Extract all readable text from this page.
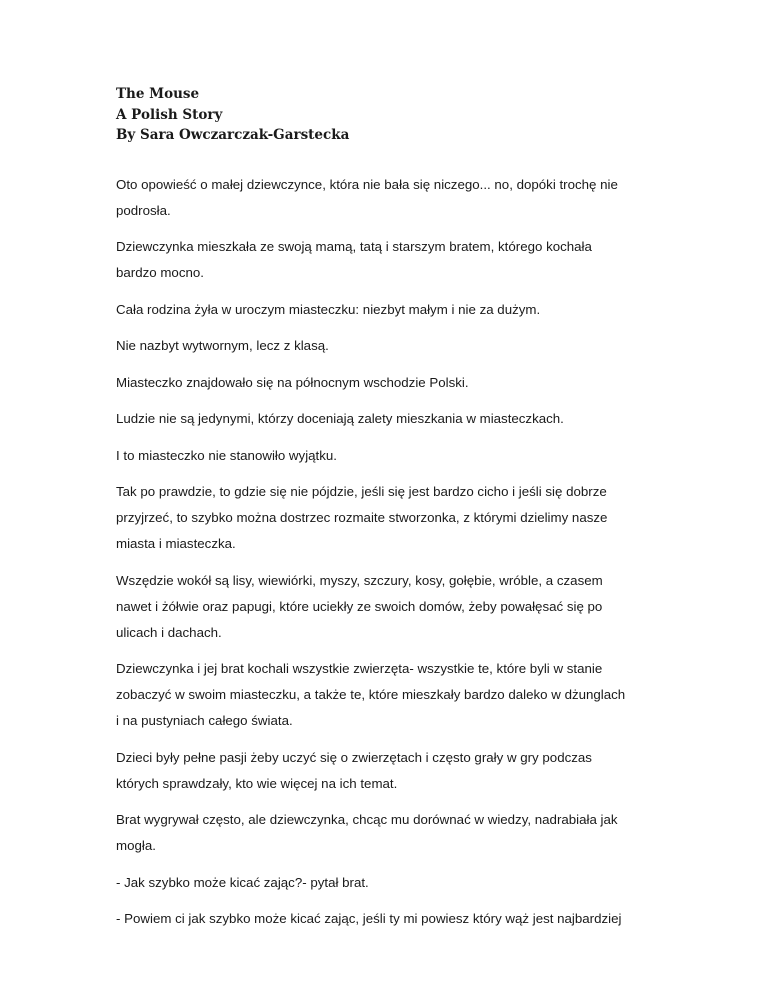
The Mouse

A Polish Story

By Sara Owczarczak-Garstecka

Oto opowieść o małej dziewczynce, która nie bała się niczego... no, dopóki trochę nie
podrosła.

Dziewczynka mieszkała ze swoją mamą, tatą i starszym bratem, którego kochała
bardzo mocno.

Cała rodzina żyła w uroczym miasteczku: niezbyt małym i nie za dużym.

Nie nazbyt wytwornym, lecz z klasą.

Miasteczko znajdowało się na północnym wschodzie Polski.

Ludzie nie są jedynymi, którzy doceniają zalety mieszkania w miasteczkach.

I to miasteczko nie stanowiło wyjątku.

Tak po prawdzie, to gdzie się nie pójdzie, jeśli się jest bardzo cicho i jeśli się dobrze
przyjrzeć, to szybko można dostrzec rozmaite stworzonka, z którymi dzielimy nasze
miasta i miasteczka.

Wszędzie wokół są lisy, wiewiórki, myszy, szczury, kosy, gołębie, wróble, a czasem
nawet i żółwie oraz papugi, które uciekły ze swoich domów, żeby powałęsać się po
ulicach i dachach.

Dziewczynka i jej brat kochali wszystkie zwierzęta- wszystkie te, które byli w stanie
zobaczyć w swoim miasteczku, a także te, które mieszkały bardzo daleko w dżunglach
i na pustyniach całego świata.

Dzieci były pełne pasji żeby uczyć się o zwierzętach i często grały w gry podczas
których sprawdzały, kto wie więcej na ich temat.

Brat wygrywał często, ale dziewczynka, chcąc mu dorównać w wiedzy, nadrabiała jak
mogła.

- Jak szybko może kicać zając?- pytał brat.

- Powiem ci jak szybko może kicać zając, jeśli ty mi powiesz który wąż jest najbardziej
